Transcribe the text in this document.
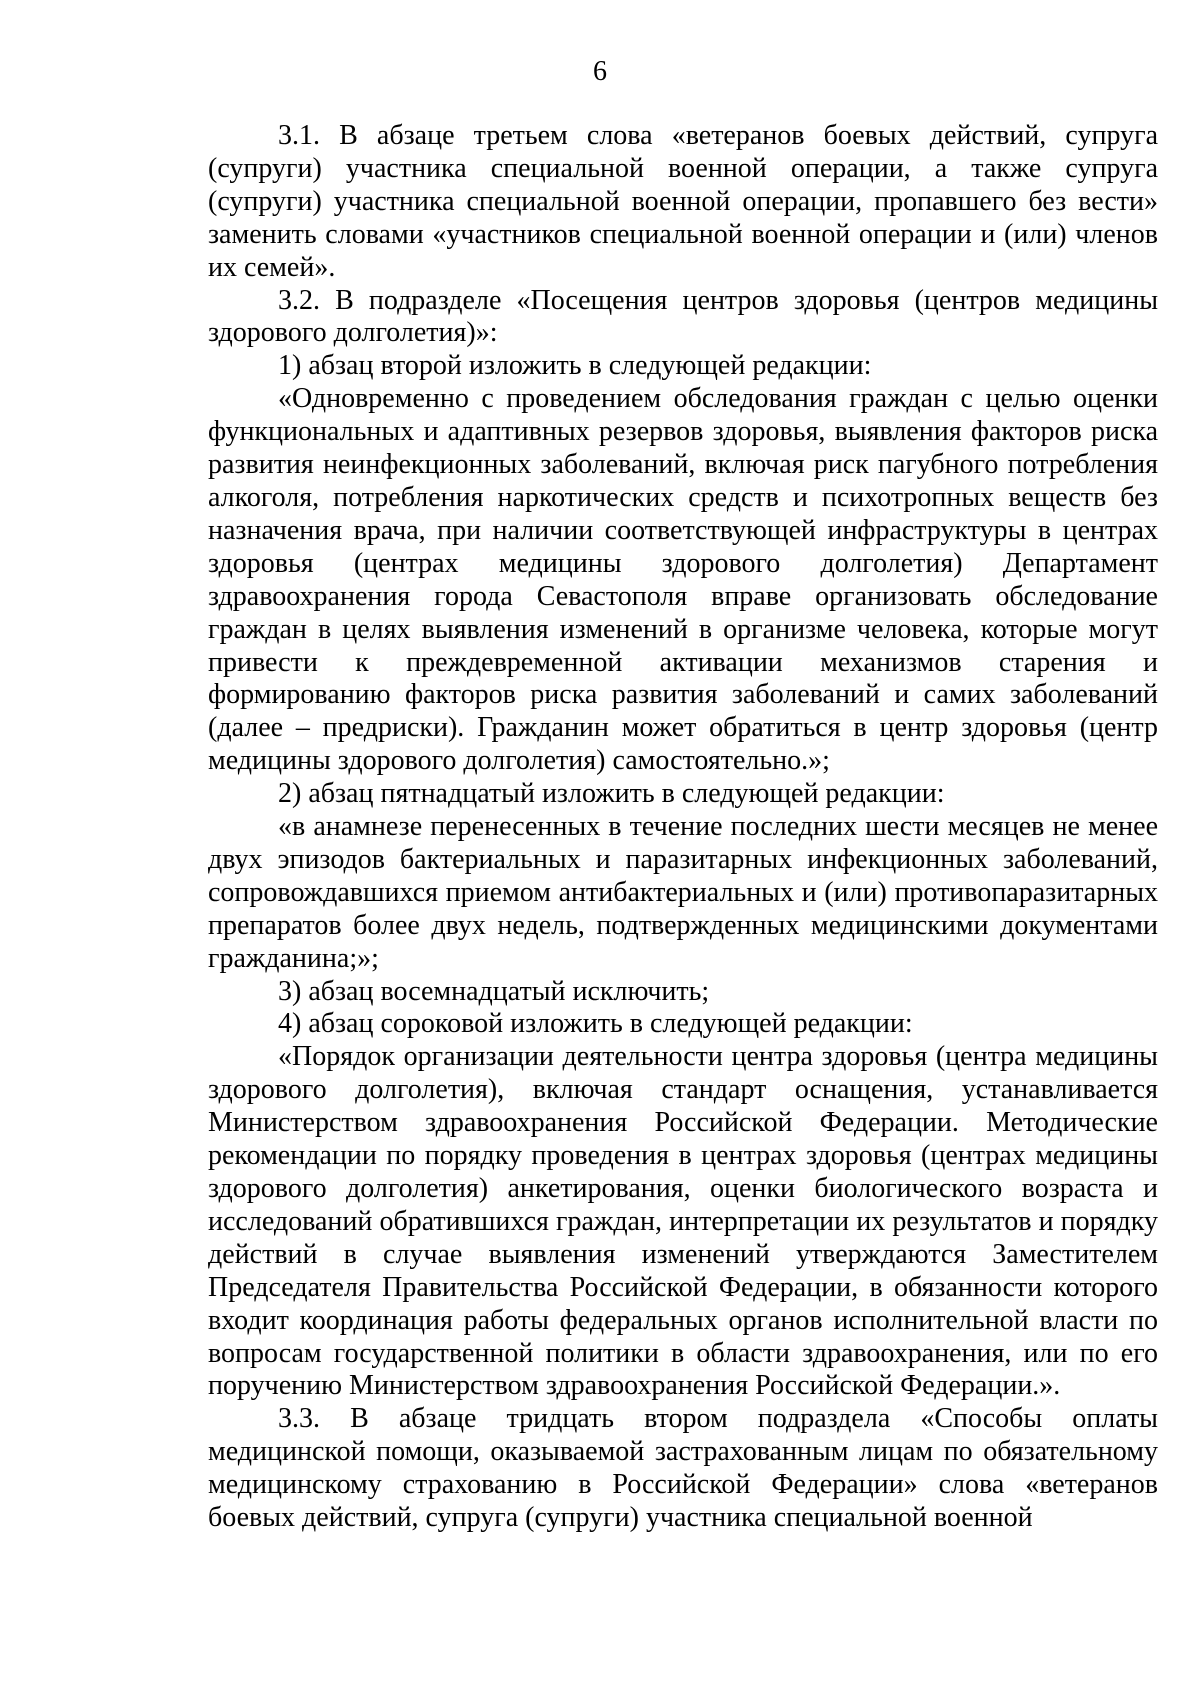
6

3.1. В абзаце третьем слова «ветеранов боевых действий, супруга (супруги) участника специальной военной операции, а также супруга (супруги) участника специальной военной операции, пропавшего без вести» заменить словами «участников специальной военной операции и (или) членов их семей».

3.2. В подразделе «Посещения центров здоровья (центров медицины здорового долголетия)»:

1) абзац второй изложить в следующей редакции:

«Одновременно с проведением обследования граждан с целью оценки функциональных и адаптивных резервов здоровья, выявления факторов риска развития неинфекционных заболеваний, включая риск пагубного потребления алкоголя, потребления наркотических средств и психотропных веществ без назначения врача, при наличии соответствующей инфраструктуры в центрах здоровья (центрах медицины здорового долголетия) Департамент здравоохранения города Севастополя вправе организовать обследование граждан в целях выявления изменений в организме человека, которые могут привести к преждевременной активации механизмов старения и формированию факторов риска развития заболеваний и самих заболеваний (далее – предриски). Гражданин может обратиться в центр здоровья (центр медицины здорового долголетия) самостоятельно.»;

2) абзац пятнадцатый изложить в следующей редакции:

«в анамнезе перенесенных в течение последних шести месяцев не менее двух эпизодов бактериальных и паразитарных инфекционных заболеваний, сопровождавшихся приемом антибактериальных и (или) противопаразитарных препаратов более двух недель, подтвержденных медицинскими документами гражданина;»;

3) абзац восемнадцатый исключить;

4) абзац сороковой изложить в следующей редакции:

«Порядок организации деятельности центра здоровья (центра медицины здорового долголетия), включая стандарт оснащения, устанавливается Министерством здравоохранения Российской Федерации. Методические рекомендации по порядку проведения в центрах здоровья (центрах медицины здорового долголетия) анкетирования, оценки биологического возраста и исследований обратившихся граждан, интерпретации их результатов и порядку действий в случае выявления изменений утверждаются Заместителем Председателя Правительства Российской Федерации, в обязанности которого входит координация работы федеральных органов исполнительной власти по вопросам государственной политики в области здравоохранения, или по его поручению Министерством здравоохранения Российской Федерации.».

3.3. В абзаце тридцать втором подраздела «Способы оплаты медицинской помощи, оказываемой застрахованным лицам по обязательному медицинскому страхованию в Российской Федерации» слова «ветеранов боевых действий, супруга (супруги) участника специальной военной
